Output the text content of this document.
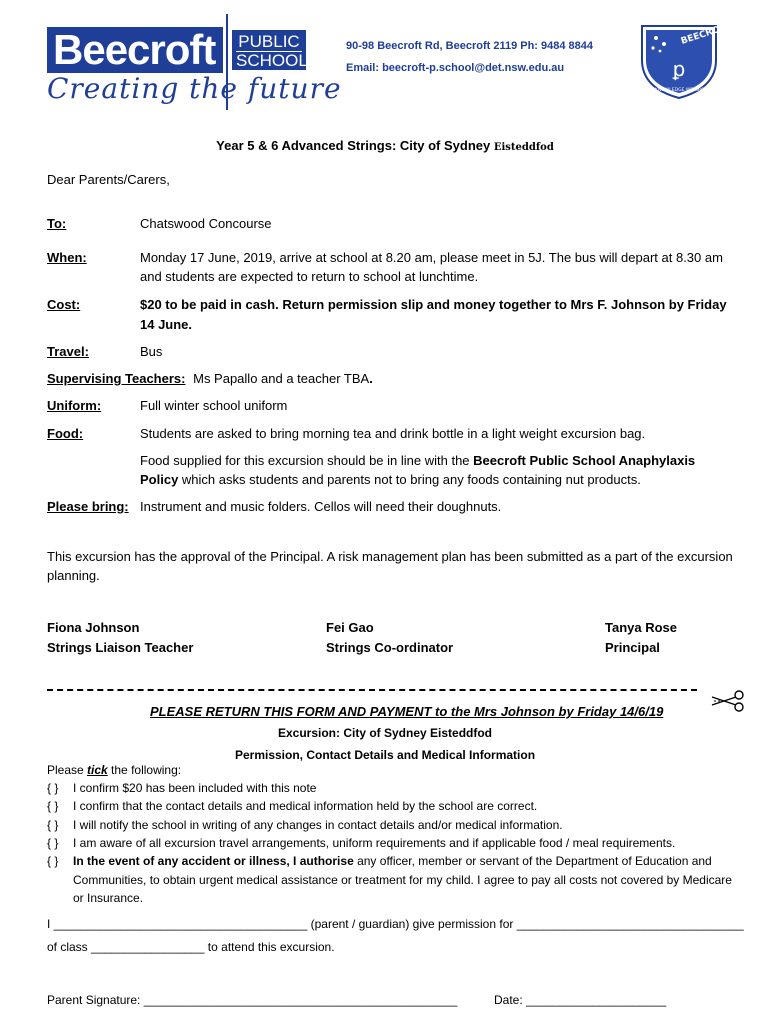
Beecroft	PUBLIC
SCHOOL
Creating the future
90-98 Beecroft Rd, Beecroft 2119 Ph: 9484 8844
Email: beecroft-p.school@det.nsw.edu.au
BEECROFT
ꝑ
IN KNOWLEDGE WE GROW
Year 5 & 6 Advanced Strings: City of Sydney Eisteddfod
Dear Parents/Carers,
To:	Chatswood Concourse
When:	Monday 17 June, 2019, arrive at school at 8.20 am, please meet in 5J. The bus will depart at 8.30 am
and students are expected to return to school at lunchtime.
Cost:	$20 to be paid in cash. Return permission slip and money together to Mrs F. Johnson by Friday
14 June.
Travel:	Bus
Supervising Teachers: Ms Papallo and a teacher TBA.
Uniform:	Full winter school uniform
Food:	Students are asked to bring morning tea and drink bottle in a light weight excursion bag.
Food supplied for this excursion should be in line with the Beecroft Public School Anaphylaxis
Policy which asks students and parents not to bring any foods containing nut products.
Please bring: Instrument and music folders. Cellos will need their doughnuts.
This excursion has the approval of the Principal. A risk management plan has been submitted as a part of the excursion
planning.
Fiona Johnson
Strings Liaison Teacher
Fei Gao
Strings Co-ordinator
Tanya Rose
Principal
PLEASE RETURN THIS FORM AND PAYMENT to the Mrs Johnson by Friday 14/6/19
Excursion: City of Sydney Eisteddfod
Permission, Contact Details and Medical Information
Please tick the following:
{ } I confirm $20 has been included with this note
{ } I confirm that the contact details and medical information held by the school are correct.
{ } I will notify the school in writing of any changes in contact details and/or medical information.
{ } I am aware of all excursion travel arrangements, uniform requirements and if applicable food / meal requirements.
{ } In the event of any accident or illness, I authorise any officer, member or servant of the Department of Education and
Communities, to obtain urgent medical assistance or treatment for my child. I agree to pay all costs not covered by Medicare
or Insurance.
I ______________________________________ (parent / guardian) give permission for __________________________________
of class _________________ to attend this excursion.
Parent Signature: _______________________________________________	Date: _____________________
